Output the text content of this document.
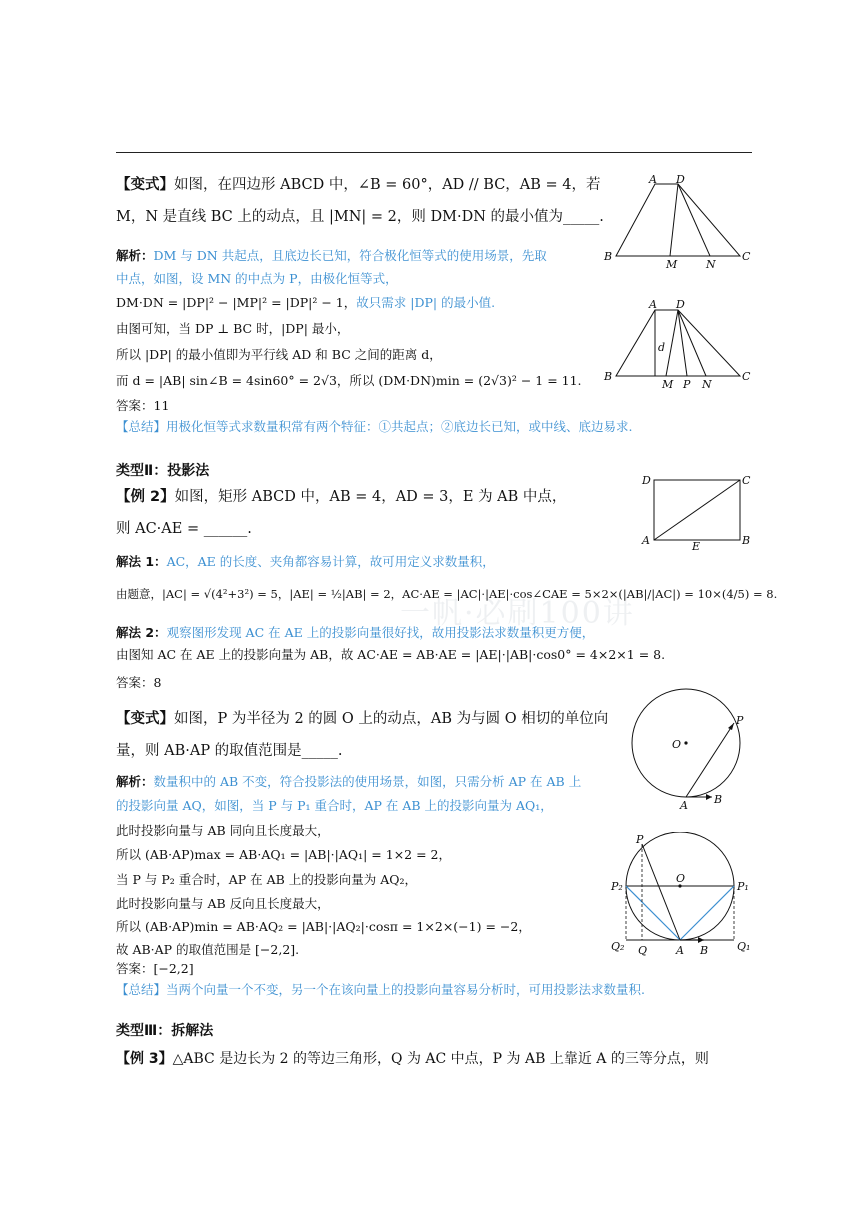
一帆·必刷100讲
【变式】如图，在四边形 ABCD 中，∠B = 60°，AD // BC，AB = 4，若
M，N 是直线 BC 上的动点，且 |MN| = 2，则 DM·DN 的最小值为_____.
解析：DM 与 DN 共起点，且底边长已知，符合极化恒等式的使用场景，先取
中点，如图，设 MN 的中点为 P，由极化恒等式，
DM·DN = |DP|² − |MP|² = |DP|² − 1，故只需求 |DP| 的最小值.
由图可知，当 DP ⊥ BC 时，|DP| 最小，
所以 |DP| 的最小值即为平行线 AD 和 BC 之间的距离 d，
而 d = |AB| sin∠B = 4sin60° = 2√3，所以 (DM·DN)min = (2√3)² − 1 = 11.
答案：11
【总结】用极化恒等式求数量积常有两个特征：①共起点；②底边长已知，或中线、底边易求.
A D
B	C
M	N
A D
d
B	C
M P N
类型Ⅱ：投影法
【例 2】如图，矩形 ABCD 中，AB = 4，AD = 3，E 为 AB 中点，
则 AC·AE = ______.
解法 1：AC，AE 的长度、夹角都容易计算，故可用定义求数量积，
由题意，|AC| = √(4²+3²) = 5，|AE| = ½|AB| = 2，AC·AE = |AC|·|AE|·cos∠CAE = 5×2×(|AB|/|AC|) = 10×(4/5) = 8.
解法 2：观察图形发现 AC 在 AE 上的投影向量很好找，故用投影法求数量积更方便，
由图知 AC 在 AE 上的投影向量为 AB，故 AC·AE = AB·AE = |AE|·|AB|·cos0° = 4×2×1 = 8.
答案：8
D	C
A	B
E
【变式】如图，P 为半径为 2 的圆 O 上的动点，AB 为与圆 O 相切的单位向
量，则 AB·AP 的取值范围是_____.
解析：数量积中的 AB 不变，符合投影法的使用场景，如图，只需分析 AP 在 AB 上
的投影向量 AQ，如图，当 P 与 P₁ 重合时，AP 在 AB 上的投影向量为 AQ₁，
此时投影向量与 AB 同向且长度最大，
所以 (AB·AP)max = AB·AQ₁ = |AB|·|AQ₁| = 1×2 = 2，
当 P 与 P₂ 重合时，AP 在 AB 上的投影向量为 AQ₂，
此时投影向量与 AB 反向且长度最大，
所以 (AB·AP)min = AB·AQ₂ = |AB|·|AQ₂|·cosπ = 1×2×(−1) = −2，
故 AB·AP 的取值范围是 [−2,2].
答案：[−2,2]
【总结】当两个向量一个不变，另一个在该向量上的投影向量容易分析时，可用投影法求数量积.
O
P
A B
P
O
P₂	P₁
Q₂ Q	A B	Q₁
类型Ⅲ：拆解法
【例 3】△ABC 是边长为 2 的等边三角形，Q 为 AC 中点，P 为 AB 上靠近 A 的三等分点，则
